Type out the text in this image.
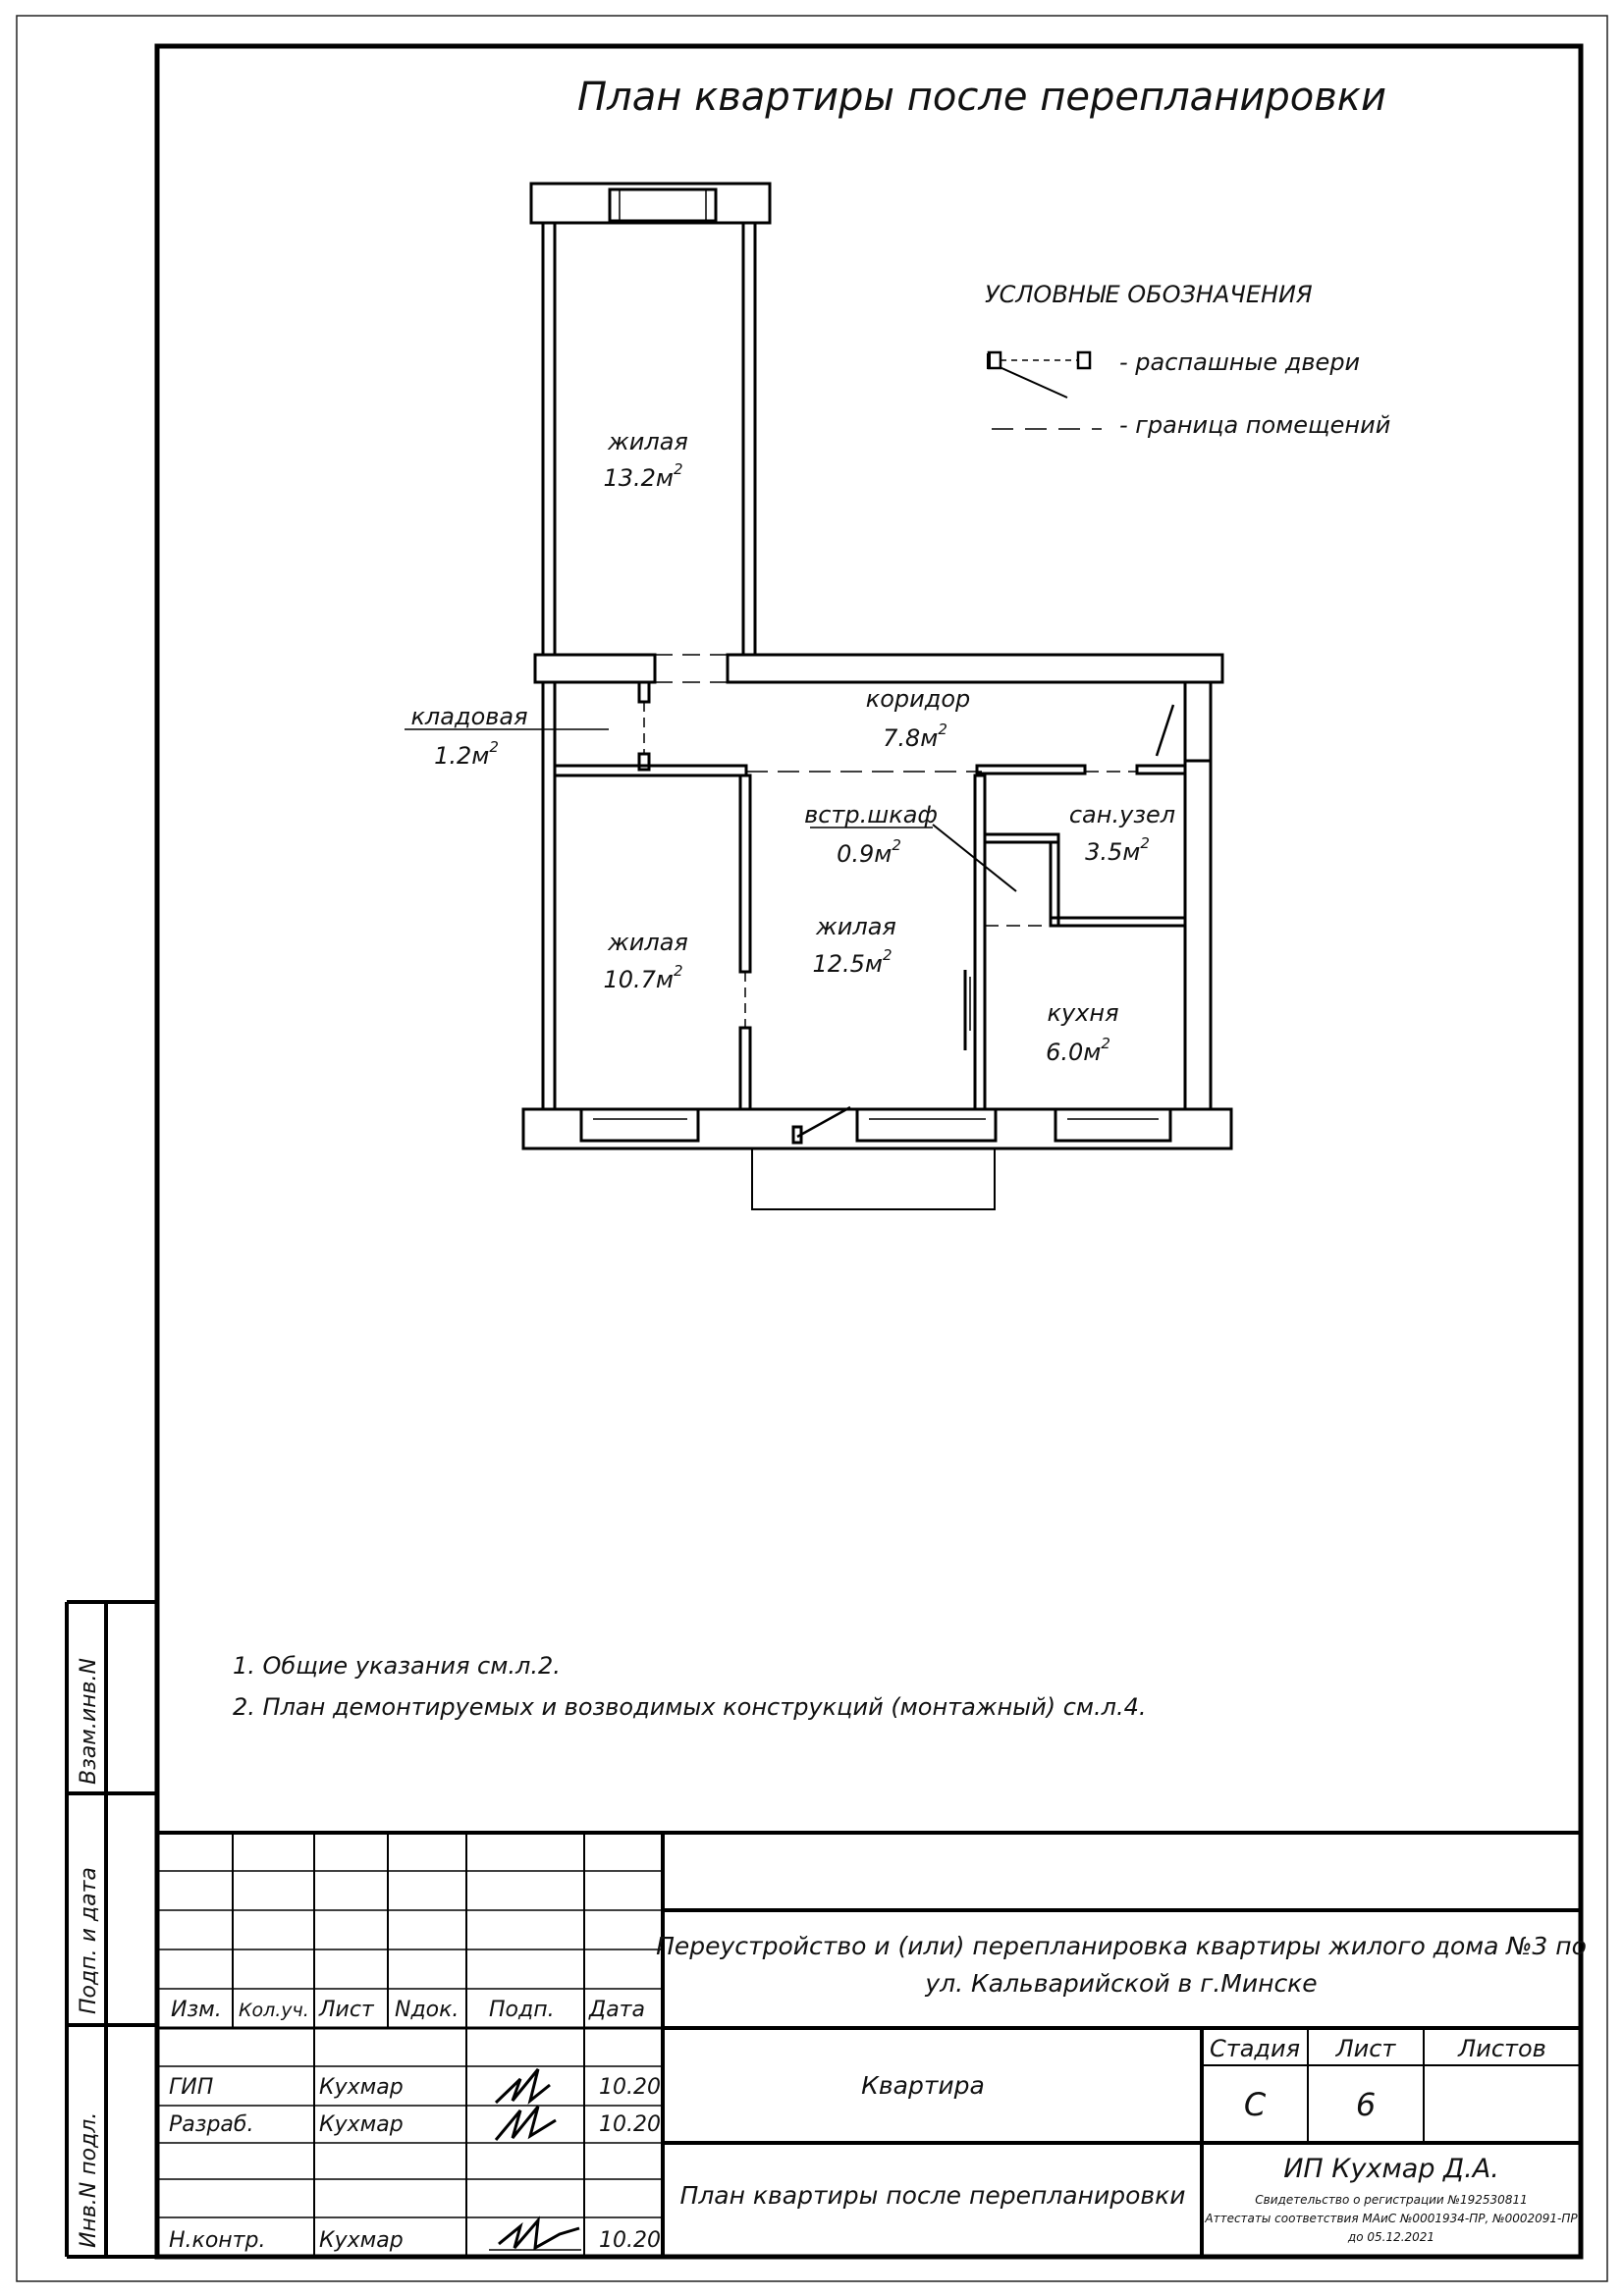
План квартиры после перепланировки
жилая
$13.2м^2$
кладовая
$1.2м^2$
коридор
$7.8м^2$
встр.шкаф
$0.9м^2$
сан.узел
$3.5м^2$
жилая
$10.7м^2$
жилая
$12.5м^2$
кухня
$6.0м^2$
УСЛОВНЫЕ ОБОЗНАЧЕНИЯ
- распашные двери
- граница помещений
1. Общие указания см.л.2.
2. План демонтируемых и возводимых конструкций (монтажный) см.л.4.
Взам.инв.N
Подп. и дата
Инв.N подл.
Изм. Кол.уч. Лист Nдок. Подп. Дата
ГИП	Кухмар	10.20
Разраб.	Кухмар	10.20
Н.контр. Кухмар	10.20
Переустройство и (или) перепланировка квартиры жилого дома №3 по
ул. Кальварийской в г.Минске
Квартира
План квартиры после перепланировки
Стадия Лист	Листов
С	6
ИП Кухмар Д.А.
Свидетельство о регистрации №192530811
Аттестаты соответствия МАиС №0001934-ПР, №0002091-ПР
до 05.12.2021
